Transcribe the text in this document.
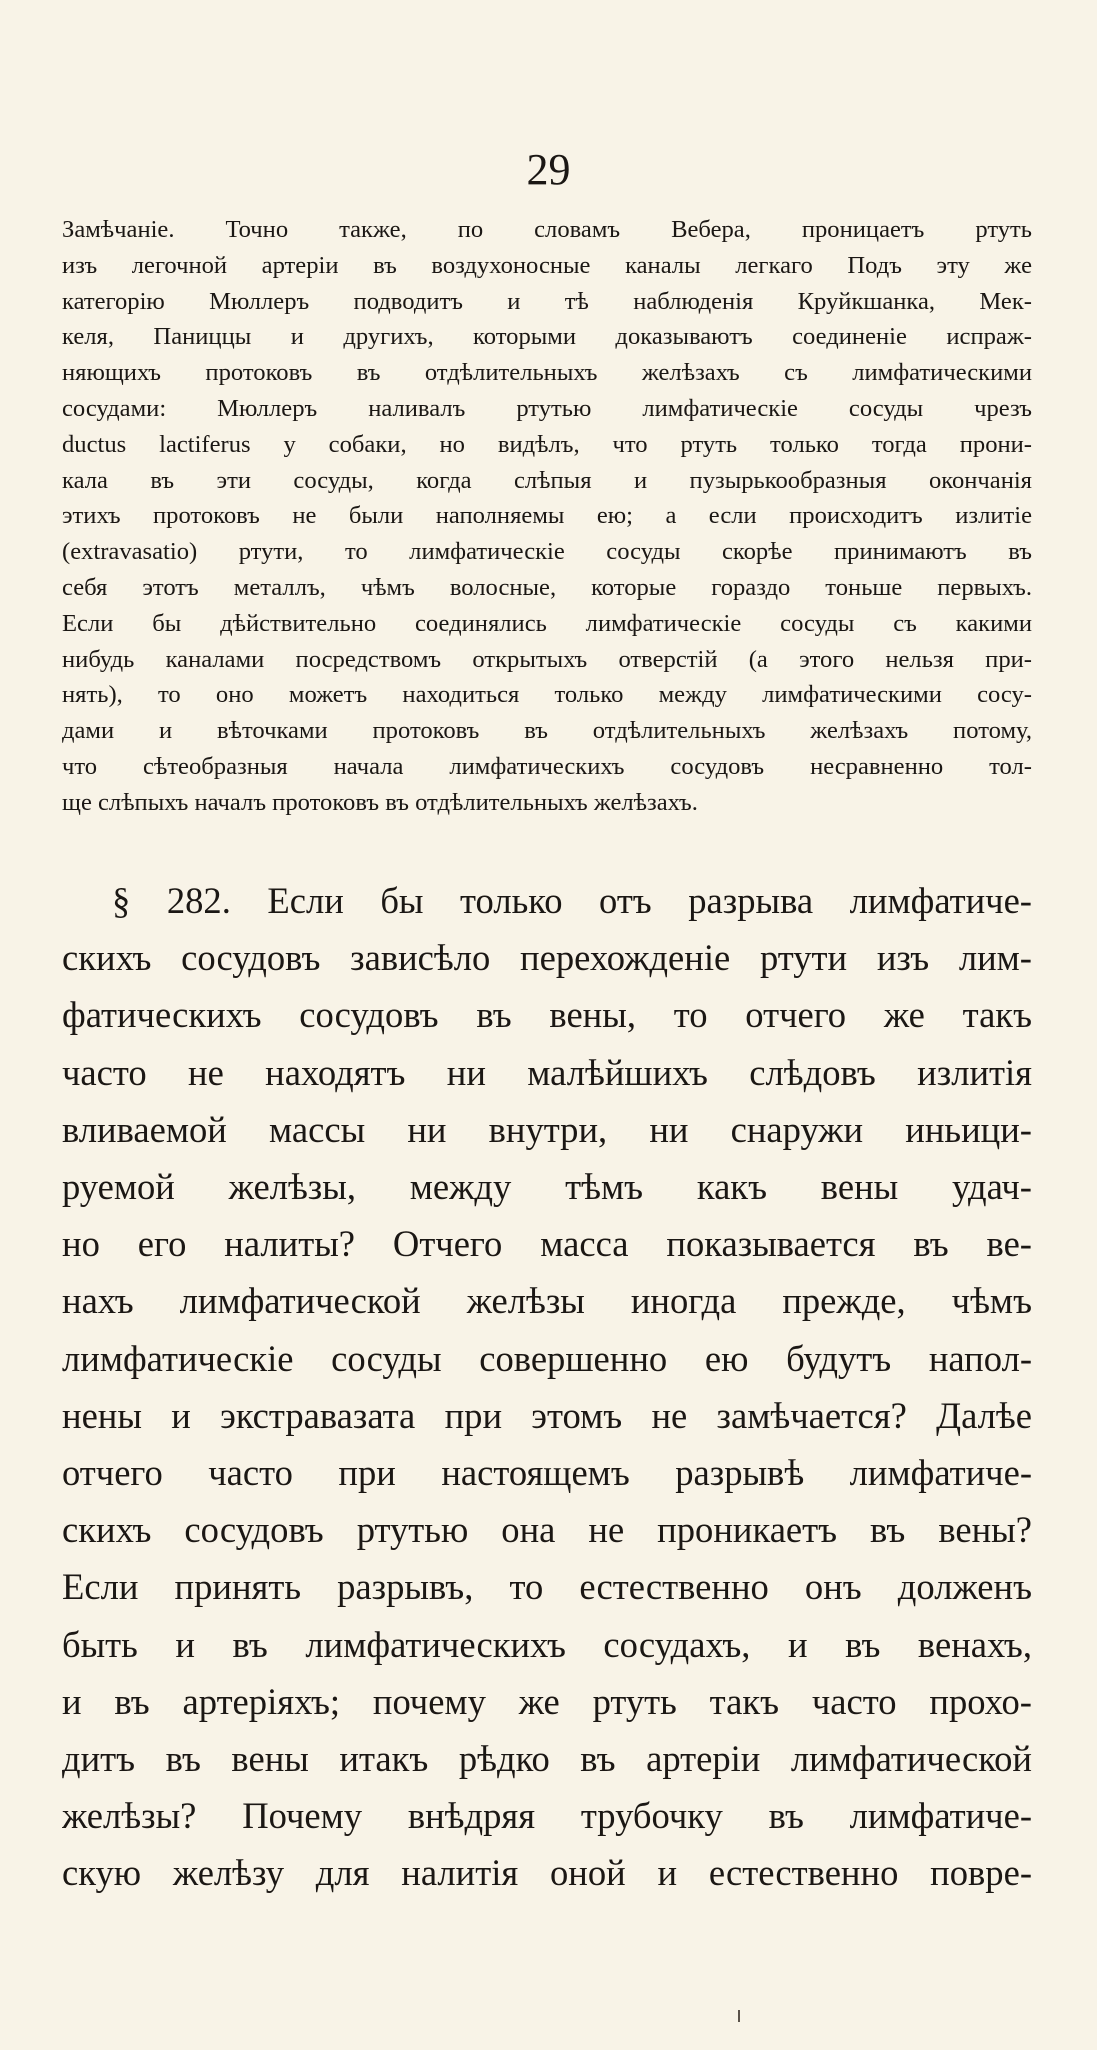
29
Замѣчаніе. Точно также, по словамъ Вебера, проницаетъ ртуть
изъ легочной артеріи въ воздухоносные каналы легкаго Подъ эту же
категорію Мюллеръ подводитъ и тѣ наблюденія Круйкшанка, Мек-
келя, Паниццы и другихъ, которыми доказываютъ соединеніе испраж-
няющихъ протоковъ въ отдѣлительныхъ желѣзахъ съ лимфатическими
сосудами: Мюллеръ наливалъ ртутью лимфатическіе сосуды чрезъ
ductus lactiferus у собаки, но видѣлъ, что ртуть только тогда прони-
кала въ эти сосуды, когда слѣпыя и пузырькообразныя окончанія
этихъ протоковъ не были наполняемы ею; а если происходитъ излитіе
(extravasatio) ртути, то лимфатическіе сосуды скорѣе принимаютъ въ
себя этотъ металлъ, чѣмъ волосные, которые гораздо тоньше первыхъ.
Если бы дѣйствительно соединялись лимфатическіе сосуды съ какими
нибудь каналами посредствомъ открытыхъ отверстій (а этого нельзя при-
нять), то оно можетъ находиться только между лимфатическими сосу-
дами и вѣточками протоковъ въ отдѣлительныхъ желѣзахъ потому,
что сѣтеобразныя начала лимфатическихъ сосудовъ несравненно тол-
ще слѣпыхъ началъ протоковъ въ отдѣлительныхъ желѣзахъ.
§ 282. Если бы только отъ разрыва лимфатиче-
скихъ сосудовъ зависѣло перехожденіе ртути изъ лим-
фатическихъ сосудовъ въ вены, то отчего же такъ
часто не находятъ ни малѣйшихъ слѣдовъ излитія
вливаемой массы ни внутри, ни снаружи иньици-
руемой желѣзы, между тѣмъ какъ вены удач-
но его налиты? Отчего масса показывается въ ве-
нахъ лимфатической желѣзы иногда прежде, чѣмъ
лимфатическіе сосуды совершенно ею будутъ напол-
нены и экстравазата при этомъ не замѣчается? Далѣе
отчего часто при настоящемъ разрывѣ лимфатиче-
скихъ сосудовъ ртутью она не проникаетъ въ вены?
Если принять разрывъ, то естественно онъ долженъ
быть и въ лимфатическихъ сосудахъ, и въ венахъ,
и въ артеріяхъ; почему же ртуть такъ часто прохо-
дитъ въ вены итакъ рѣдко въ артеріи лимфатической
желѣзы? Почему внѣдряя трубочку въ лимфатиче-
скую желѣзу для налитія оной и естественно повре-
